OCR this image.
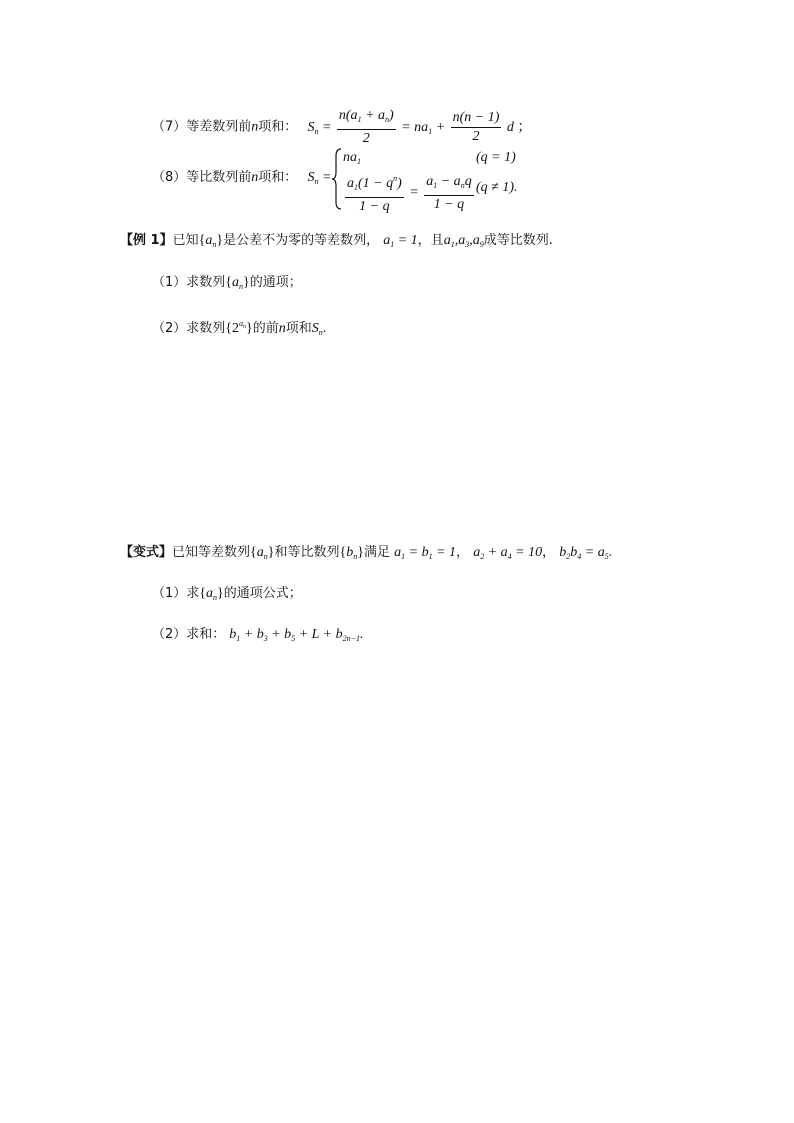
（7）等差数列前n项和： $S_n = \frac{n(a_1 + a_n)}{2} = na_1 + \frac{n(n - 1)}{2}$ d ；
（8）等比数列前n项和： $S_n$ =
$na_1$	(q = 1)
$\frac{a_1(1 - q^n)}{1 - q} = \frac{a_1 - a_nq}{1 - q} (q \ne 1)$.
【例 1】已知$\{a_n\}$是公差不为零的等差数列， $a_1 = 1$，且$a_1,a_3,a_9$成等比数列.
（1）求数列$\{a_n\}$的通项；
（2）求数列$\{2^{an}\}$的前n项和$S_n$.
【变式】已知等差数列$\{a_n\}$和等比数列$\{b_n\}$满足 $a_1 = b_1 = 1$， $a_2 + a_4 = 10$， $b_2b_4 = a_5$.
（1）求$\{a_n\}$的通项公式；
（2）求和： $b_1 + b_3 + b_5 + L + b_{2n-1}$.
